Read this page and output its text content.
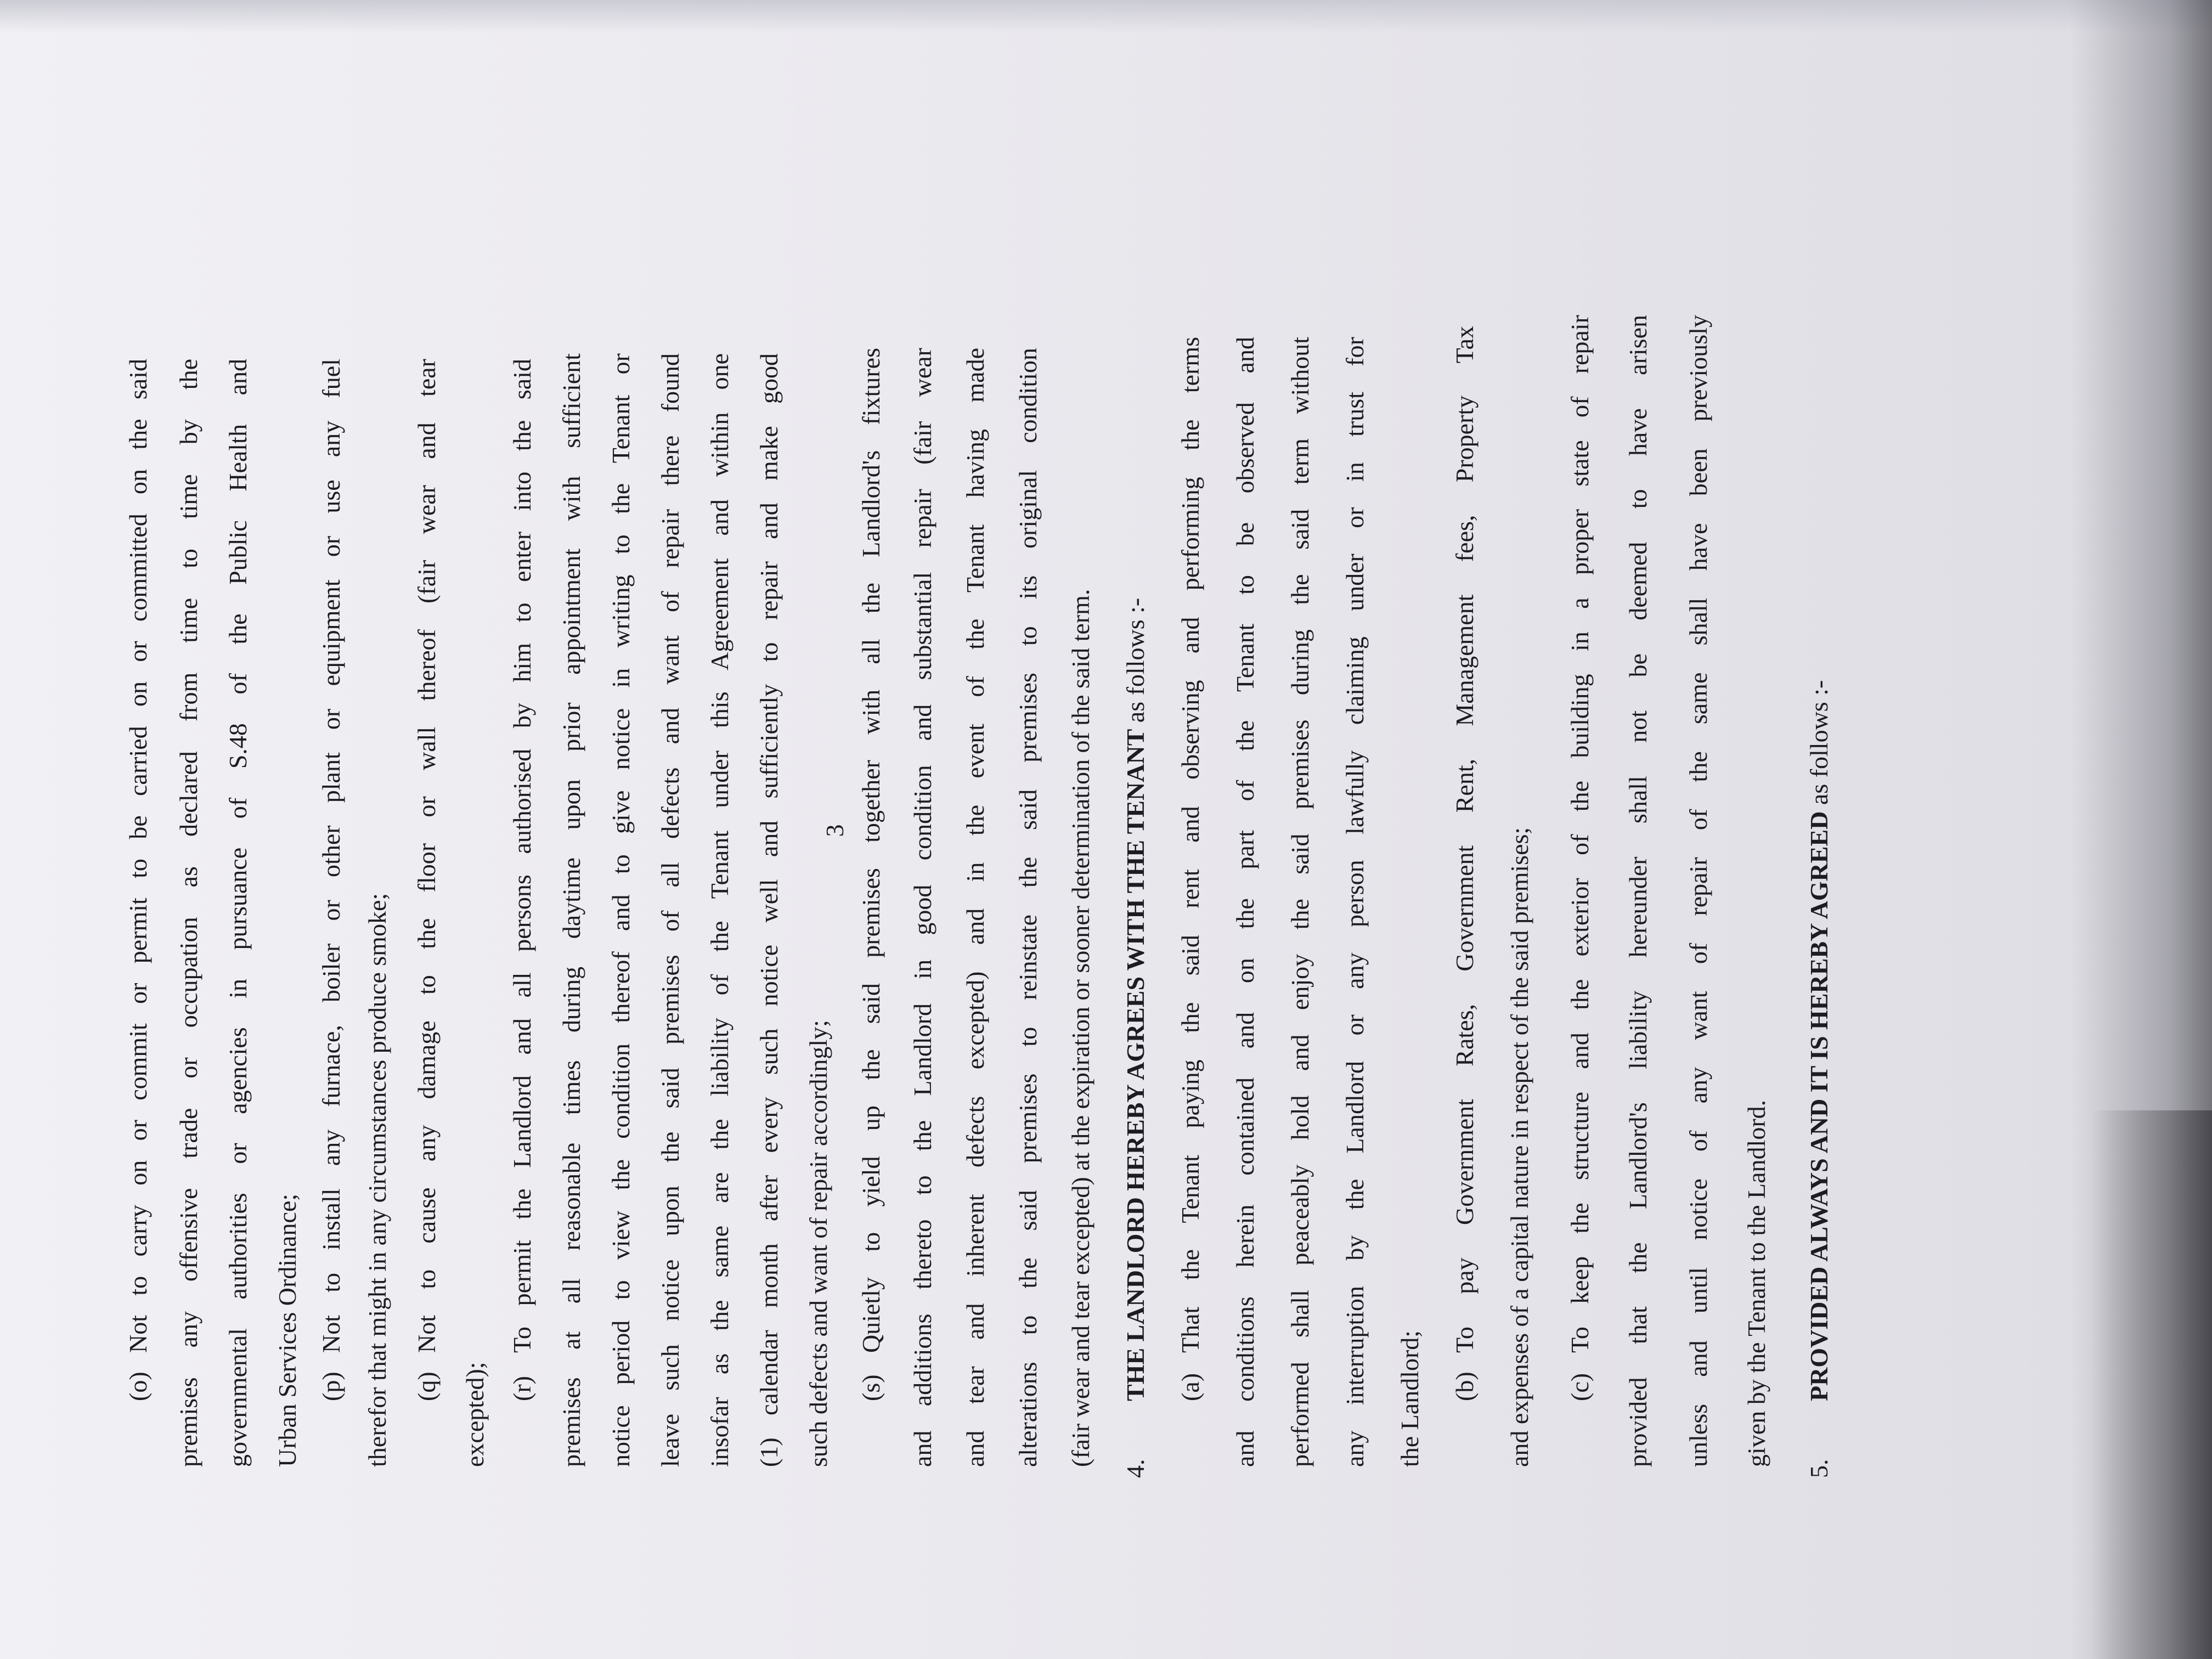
(o)Not to carry on or commit or permit to be carried on or committed on the said premises any offensive trade or occupation as declared from time to time by the governmental authorities or agencies in pursuance of S.48 of the Public Health and Urban Services Ordinance; (p)Not to install any furnace, boiler or other plant or equipment or use any fuel therefor that might in any circumstances produce smoke; (q)Not to cause any damage to the floor or wall thereof (fair wear and tear
excepted); (r)To permit the Landlord and all persons authorised by him to enter into the said premises at all reasonable times during daytime upon prior appointment with sufficient notice period to view the condition thereof and to give notice in writing to the Tenant or leave such notice upon the said premises of all defects and want of repair there found insofar as the same are the liability of the Tenant under this Agreement and within one (1) calendar month after every such notice well and sufficiently to repair and make good such defects and want of repair accordingly; (s)Quietly to yield up the said premises together with all the Landlord's fixtures and additions thereto to the Landlord in good condition and substantial repair (fair wear and tear and inherent defects excepted) and in the event of the Tenant having made alterations to the said premises to reinstate the said premises to its original condition (fair wear and tear excepted) at the expiration or sooner determination of the said term.
4.
THE LANDLORD HEREBY AGREES WITH THE TENANT as follows :-
(a)That the Tenant paying the said rent and observing and performing the terms and conditions herein contained and on the part of the Tenant to be observed and performed shall peaceably hold and enjoy the said premises during the said term without any interruption by the Landlord or any person lawfully claiming under or in trust for the Landlord; (b)To pay Government Rates, Government Rent, Management fees, Property Tax and expenses of a capital nature in respect of the said premises; (c)To keep the structure and the exterior of the building in a proper state of repair provided that the Landlord's liability hereunder shall not be deemed to have arisen unless and until notice of any want of repair of the same shall have been previously given by the Tenant to the Landlord.
5.
PROVIDED ALWAYS AND IT IS HEREBY AGREED as follows :-
3
